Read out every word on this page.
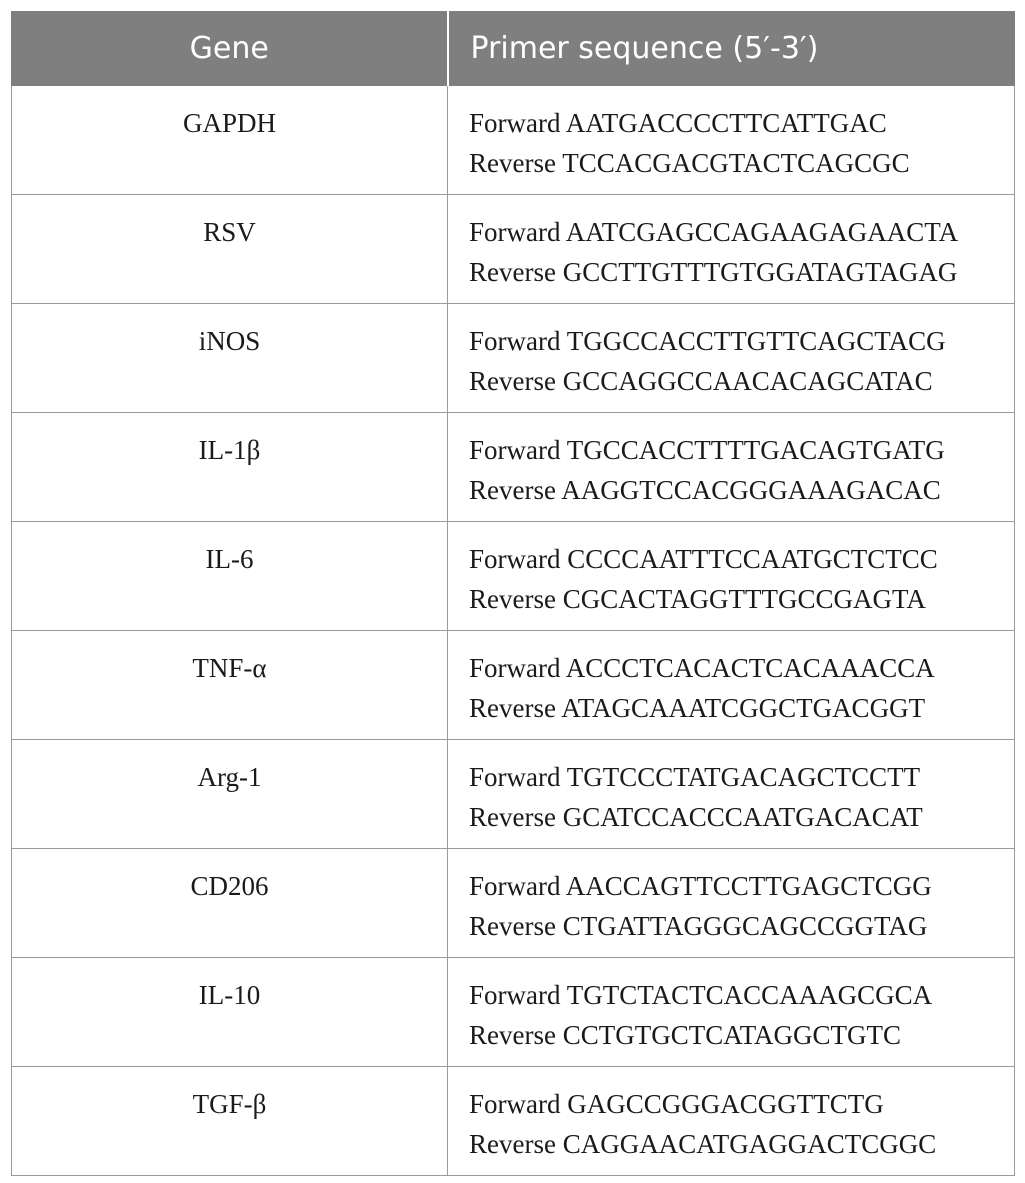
Gene	Primer sequence (5′-3′)
GAPDH	Forward AATGACCCCTTCATTGAC
Reverse TCCACGACGTACTCAGCGC

RSV	Forward AATCGAGCCAGAAGAGAACTA
Reverse GCCTTGTTTGTGGATAGTAGAG

iNOS	Forward TGGCCACCTTGTTCAGCTACG
Reverse GCCAGGCCAACACAGCATAC

IL-1β	Forward TGCCACCTTTTGACAGTGATG
Reverse AAGGTCCACGGGAAAGACAC

IL-6	Forward CCCCAATTTCCAATGCTCTCC
Reverse CGCACTAGGTTTGCCGAGTA

TNF-α	Forward ACCCTCACACTCACAAACCA
Reverse ATAGCAAATCGGCTGACGGT

Arg-1	Forward TGTCCCTATGACAGCTCCTT
Reverse GCATCCACCCAATGACACAT

CD206	Forward AACCAGTTCCTTGAGCTCGG
Reverse CTGATTAGGGCAGCCGGTAG

IL-10	Forward TGTCTACTCACCAAAGCGCA
Reverse CCTGTGCTCATAGGCTGTC

TGF-β	Forward GAGCCGGGACGGTTCTG
Reverse CAGGAACATGAGGACTCGGC
